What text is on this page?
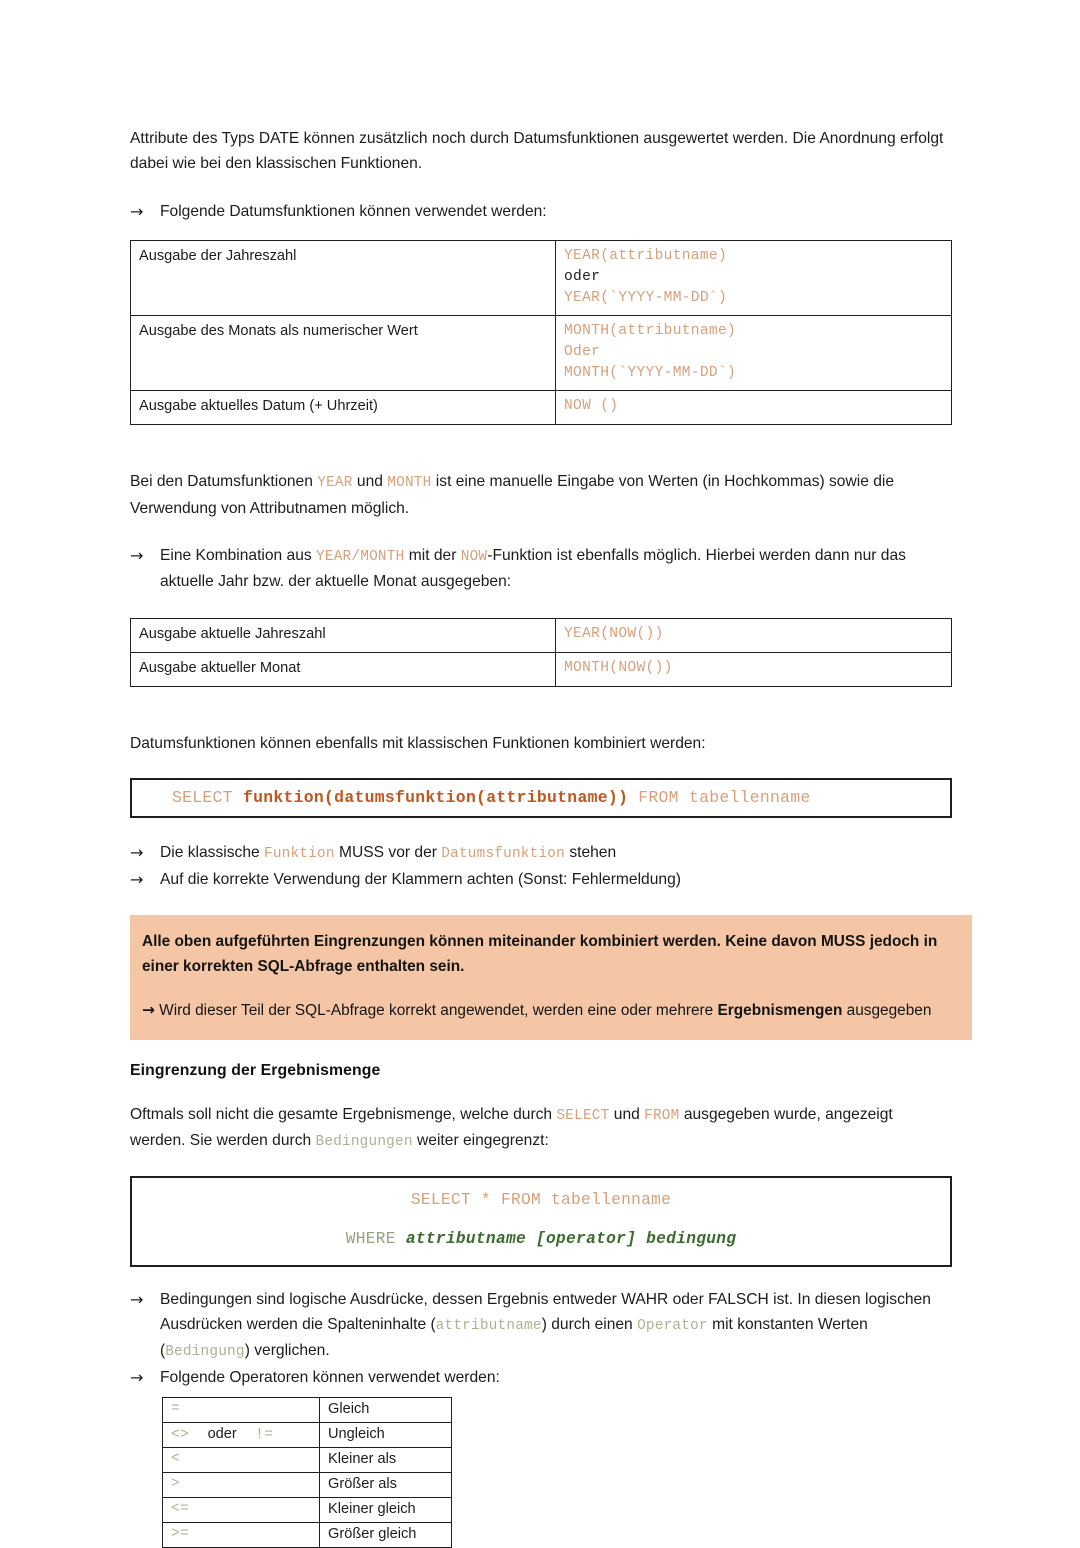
Attribute des Typs DATE können zusätzlich noch durch Datumsfunktionen ausgewertet werden. Die Anordnung erfolgt dabei wie bei den klassischen Funktionen.

→	Folgende Datumsfunktionen können verwendet werden:
Ausgabe der Jahreszahl	YEAR(attributname)
oder
YEAR(`YYYY-MM-DD`)

Ausgabe des Monats als numerischer Wert	MONTH(attributname)
Oder
MONTH(`YYYY-MM-DD`)

Ausgabe aktuelles Datum (+ Uhrzeit)	NOW ()

Bei den Datumsfunktionen YEAR und MONTH ist eine manuelle Eingabe von Werten (in Hochkommas) sowie die Verwendung von Attributnamen möglich.

→	Eine Kombination aus YEAR/MONTH mit der NOW-Funktion ist ebenfalls möglich. Hierbei werden dann nur das aktuelle Jahr bzw. der aktuelle Monat ausgegeben:
Ausgabe aktuelle Jahreszahl	YEAR(NOW())
Ausgabe aktueller Monat	MONTH(NOW())

Datumsfunktionen können ebenfalls mit klassischen Funktionen kombiniert werden:

SELECT funktion(datumsfunktion(attributname)) FROM tabellenname
→	Die klassische Funktion MUSS vor der Datumsfunktion stehen
→	Auf die korrekte Verwendung der Klammern achten (Sonst: Fehlermeldung)
Alle oben aufgeführten Eingrenzungen können miteinander kombiniert werden. Keine davon MUSS jedoch in einer korrekten SQL-Abfrage enthalten sein.
→ Wird dieser Teil der SQL-Abfrage korrekt angewendet, werden eine oder mehrere Ergebnismengen ausgegeben
Eingrenzung der Ergebnismenge

Oftmals soll nicht die gesamte Ergebnismenge, welche durch SELECT und FROM ausgegeben wurde, angezeigt werden. Sie werden durch Bedingungen weiter eingegrenzt:

SELECT * FROM tabellenname
WHERE attributname [operator] bedingung
→	Bedingungen sind logische Ausdrücke, dessen Ergebnis entweder WAHR oder FALSCH ist. In diesen logischen Ausdrücken werden die Spalteninhalte (attributname) durch einen Operator mit konstanten Werten (Bedingung) verglichen.
→	Folgende Operatoren können verwendet werden:
=	Gleich
<> oder !=	Ungleich
<	Kleiner als
>	Größer als
<=	Kleiner gleich
>=	Größer gleich
